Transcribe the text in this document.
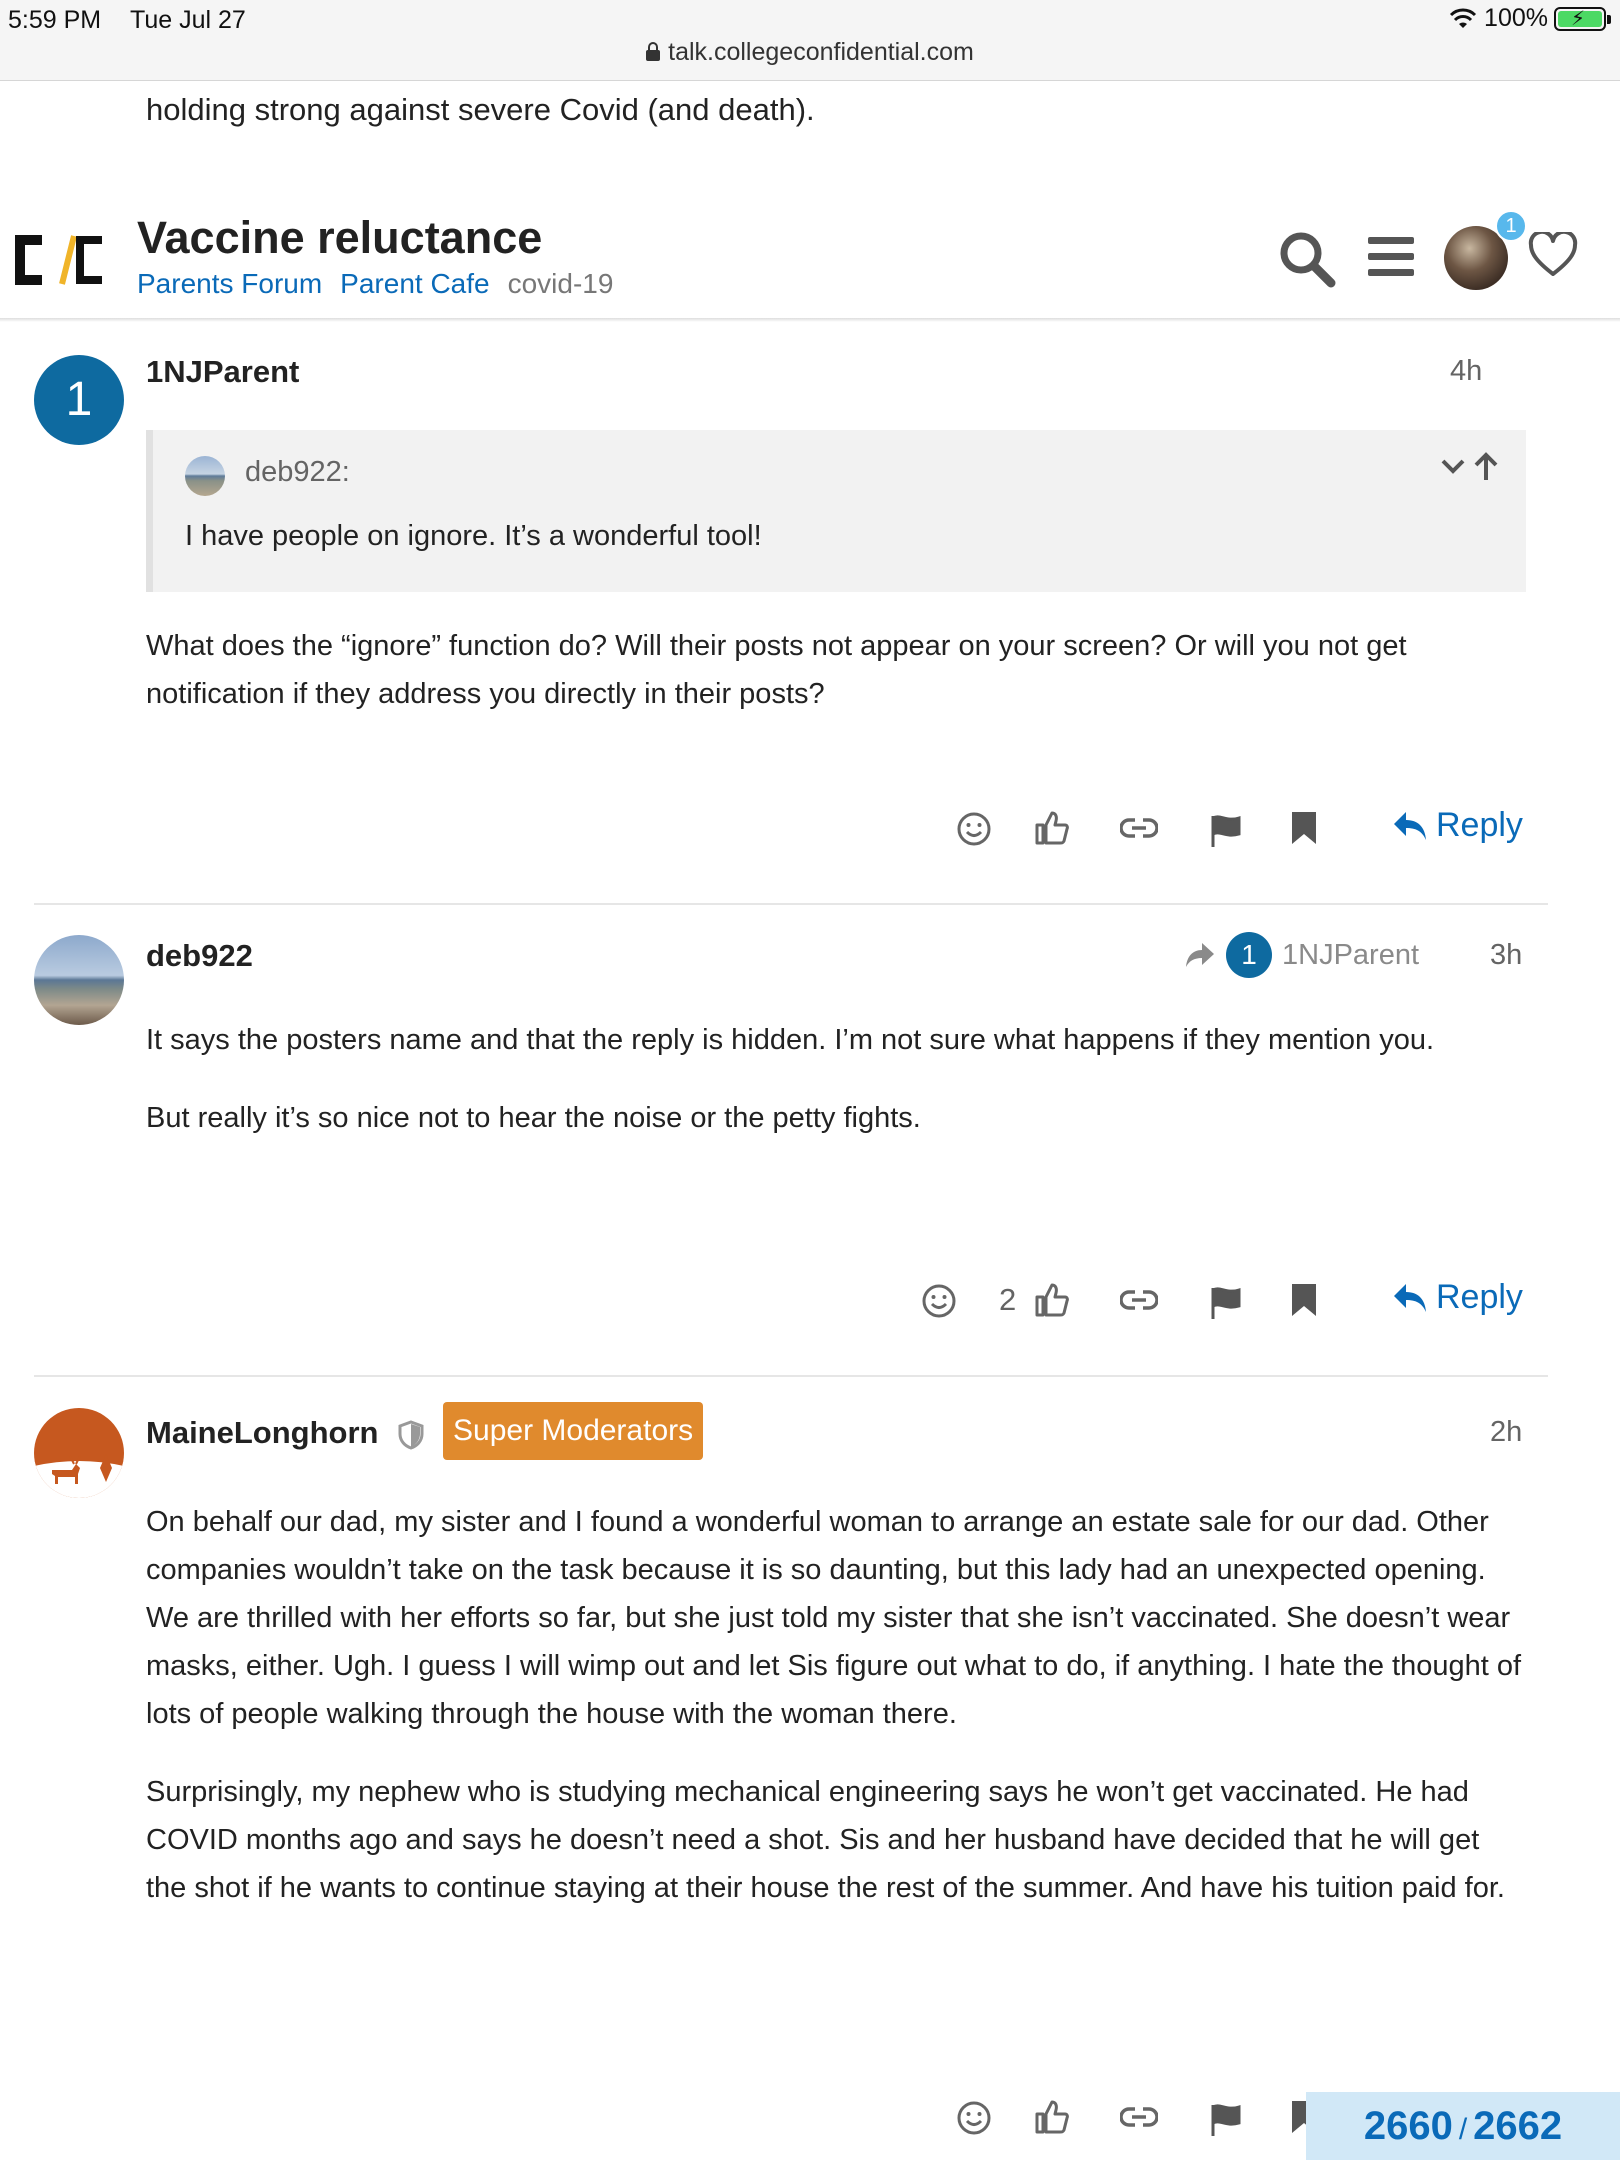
5:59 PM Tue Jul 27
talk.collegeconfidential.com
100% ⚡
holding strong against severe Covid (and death).
Vaccine reluctance
Parents Forum Parent Cafe covid-19
1
1
1NJParent	4h
deb922:
I have people on ignore. It’s a wonderful tool!

What does the “ignore” function do? Will their posts not appear on your screen? Or will you not get notification if they address you directly in their posts?

Reply
deb922	1 1NJParent 3h

It says the posters name and that the reply is hidden. I’m not sure what happens if they mention you.

But really it’s so nice not to hear the noise or the petty fights.

2	Reply
MaineLonghorn	Super Moderators	2h

On behalf our dad, my sister and I found a wonderful woman to arrange an estate sale for our dad. Other companies wouldn’t take on the task because it is so daunting, but this lady had an unexpected opening. We are thrilled with her efforts so far, but she just told my sister that she isn’t vaccinated. She doesn’t wear masks, either. Ugh. I guess I will wimp out and let Sis figure out what to do, if anything. I hate the thought of lots of people walking through the house with the woman there.

Surprisingly, my nephew who is studying mechanical engineering says he won’t get vaccinated. He had COVID months ago and says he doesn’t need a shot. Sis and her husband have decided that he will get the shot if he wants to continue staying at their house the rest of the summer. And have his tuition paid for.

2660 / 2662
